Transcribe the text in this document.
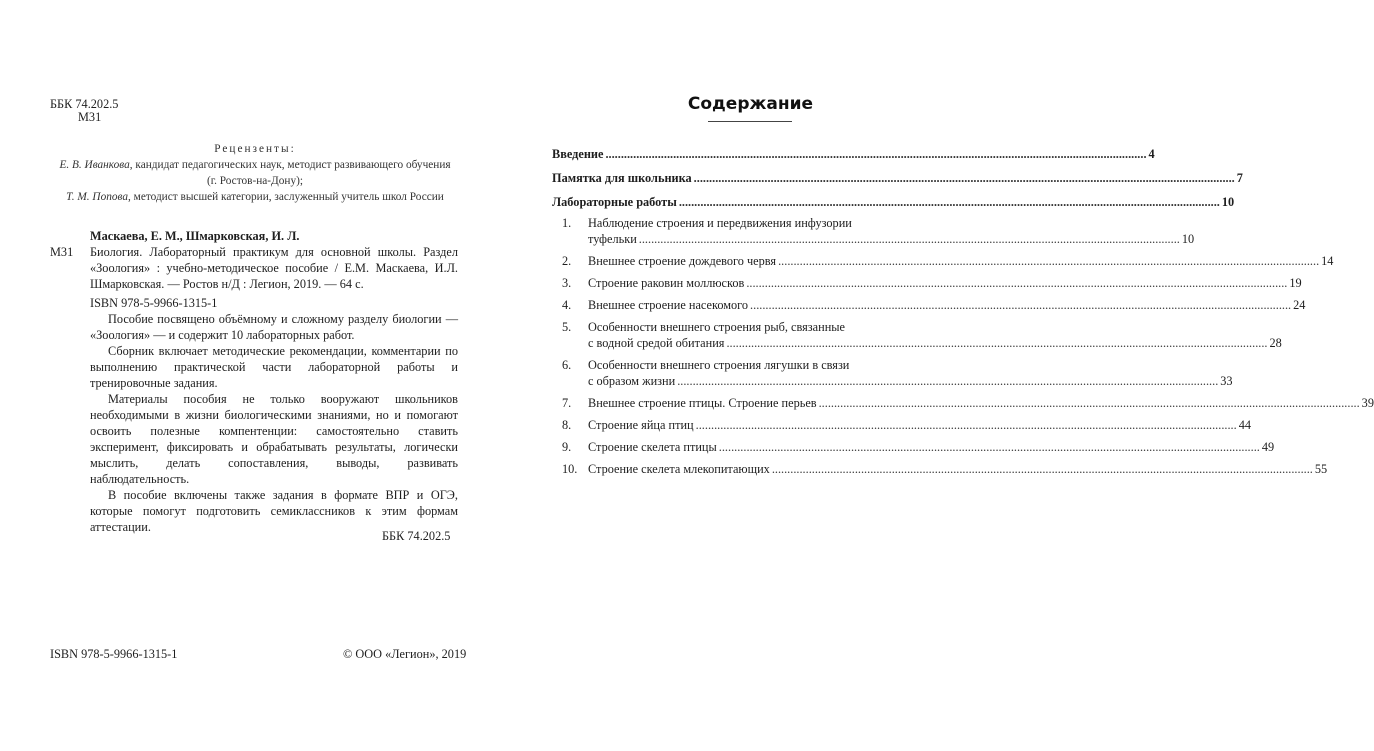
ББК 74.202.5
М31
Рецензенты:
Е. В. Иванкова, кандидат педагогических наук, методист развивающего обучения
(г. Ростов-на-Дону);
Т. М. Попова, методист высшей категории, заслуженный учитель школ России
Маскаева, Е. М., Шмарковская, И. Л.
М31 Биология. Лабораторный практикум для основной школы. Раздел «Зоология» : учебно-методическое пособие / Е.М. Маскаева, И.Л. Шмарковская. — Ростов н/Д : Легион, 2019. — 64 с.
ISBN 978-5-9966-1315-1

Пособие посвящено объёмному и сложному разделу биологии — «Зоология» — и содержит 10 лабораторных работ.

Сборник включает методические рекомендации, комментарии по выполнению практической части лабораторной работы и тренировочные задания.

Материалы пособия не только вооружают школьников необходимыми в жизни биологическими знаниями, но и помогают освоить полезные компентенции: самостоятельно ставить эксперимент, фиксировать и обрабатывать результаты, логически мыслить, делать сопоставления, выводы, развивать наблюдательность.

В пособие включены также задания в формате ВПР и ОГЭ, которые помогут подготовить семиклассников к этим формам аттестации.

ББК 74.202.5
ISBN 978-5-9966-1315-1	© ООО «Легион», 2019
Содержание
Введение .....	4
Памятка для школьника .....	7
Лабораторные работы .....	10
1.	Наблюдение строения и передвижения инфузории
туфельки .....	10
2.	Внешнее строение дождевого червя .....	14
3.	Строение раковин моллюсков .....	19
4.	Внешнее строение насекомого .....	24
5.	Особенности внешнего строения рыб, связанные
с водной средой обитания .....	28
6.	Особенности внешнего строения лягушки в связи
с образом жизни .....	33
7.	Внешнее строение птицы. Строение перьев .....	39
8.	Строение яйца птиц .....	44
9.	Строение скелета птицы .....	49
10. Строение скелета млекопитающих .....	55
